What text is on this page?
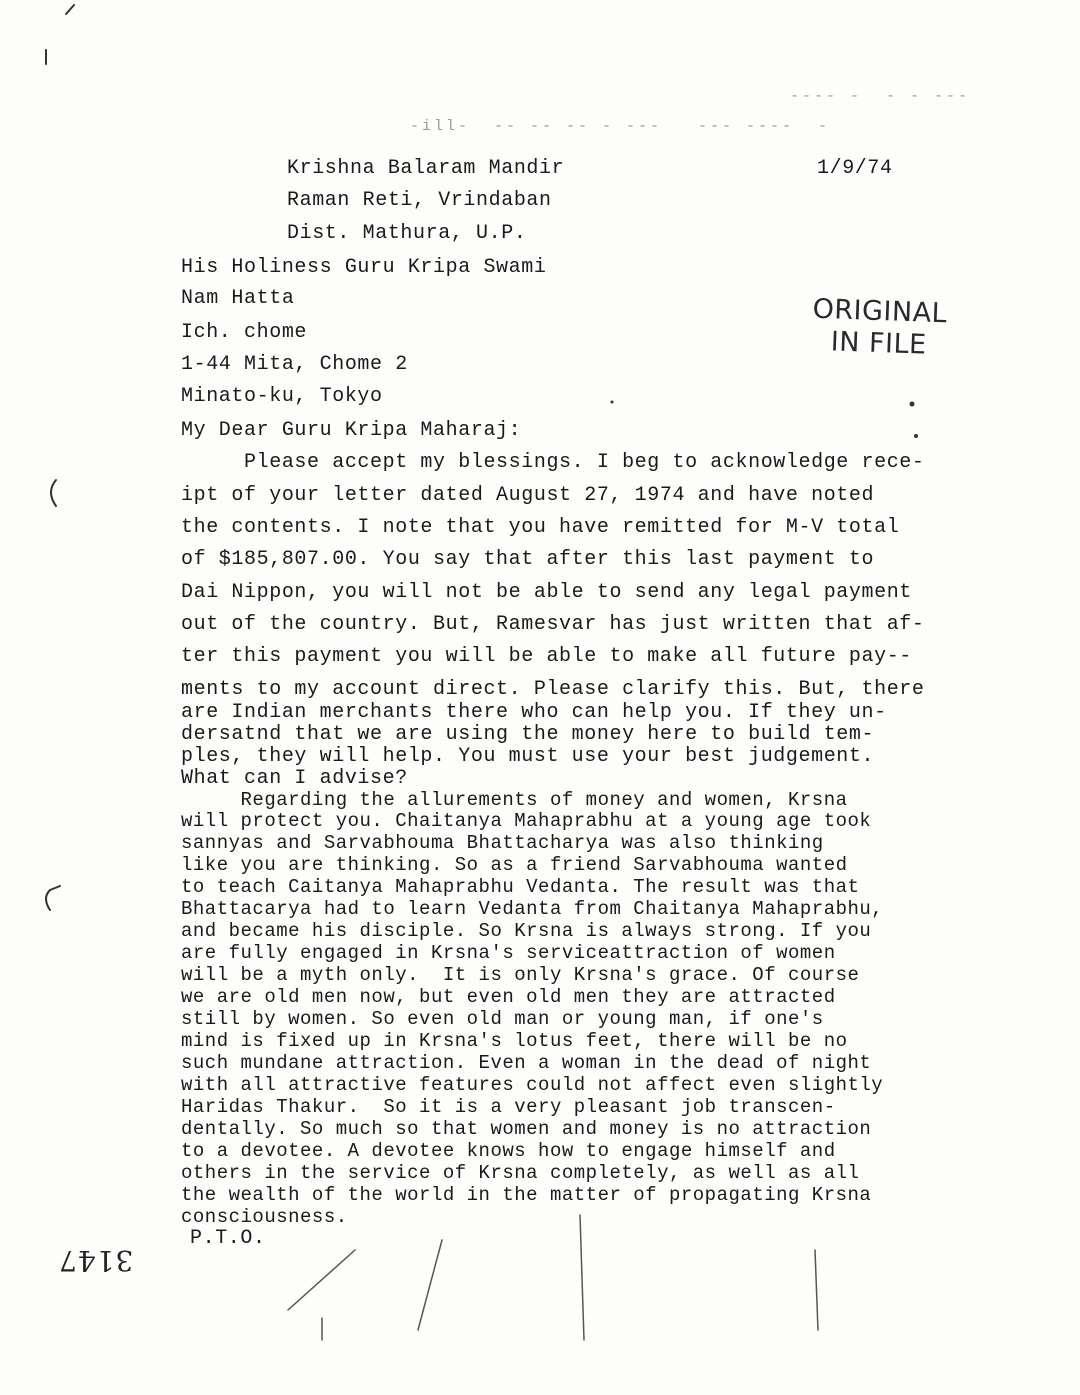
-ill-  -- -- -- - ---   --- ----  -
---- -  - - ---
Krishna Balaram Mandir
Raman Reti, Vrindaban
Dist. Mathura, U.P.
1/9/74
His Holiness Guru Kripa Swami
Nam Hatta
Ich. chome
1-44 Mita, Chome 2
Minato-ku, Tokyo
ORIGINAL
IN FILE
My Dear Guru Kripa Maharaj:
Please accept my blessings. I beg to acknowledge rece-
ipt of your letter dated August 27, 1974 and have noted
the contents. I note that you have remitted for M-V total
of $185,807.00. You say that after this last payment to
Dai Nippon, you will not be able to send any legal payment
out of the country. But, Ramesvar has just written that af-
ter this payment you will be able to make all future pay--
ments to my account direct. Please clarify this. But, there
are Indian merchants there who can help you. If they un-
dersatnd that we are using the money here to build tem-
ples, they will help. You must use your best judgement.
What can I advise?
Regarding the allurements of money and women, Krsna
will protect you. Chaitanya Mahaprabhu at a young age took
sannyas and Sarvabhouma Bhattacharya was also thinking
like you are thinking. So as a friend Sarvabhouma wanted
to teach Caitanya Mahaprabhu Vedanta. The result was that
Bhattacarya had to learn Vedanta from Chaitanya Mahaprabhu,
and became his disciple. So Krsna is always strong. If you
are fully engaged in Krsna's serviceattraction of women
will be a myth only.  It is only Krsna's grace. Of course
we are old men now, but even old men they are attracted
still by women. So even old man or young man, if one's
mind is fixed up in Krsna's lotus feet, there will be no
such mundane attraction. Even a woman in the dead of night
with all attractive features could not affect even slightly
Haridas Thakur.  So it is a very pleasant job transcen-
dentally. So much so that women and money is no attraction
to a devotee. A devotee knows how to engage himself and
others in the service of Krsna completely, as well as all
the wealth of the world in the matter of propagating Krsna
consciousness.
P.T.O.
3147
